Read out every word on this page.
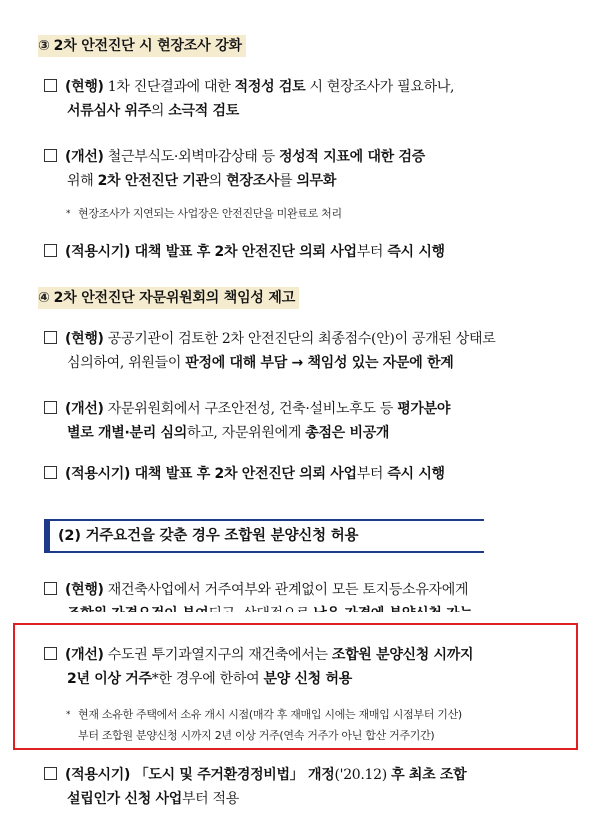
③ 2차 안전진단 시 현장조사 강화
(현행) 1차 진단결과에 대한 적정성 검토 시 현장조사가 필요하나,
서류심사 위주의 소극적 검토
(개선) 철근부식도·외벽마감상태 등 정성적 지표에 대한 검증
위해 2차 안전진단 기관의 현장조사를 의무화
* 현장조사가 지연되는 사업장은 안전진단을 미완료로 처리
(적용시기) 대책 발표 후 2차 안전진단 의뢰 사업부터 즉시 시행
④ 2차 안전진단 자문위원회의 책임성 제고
(현행) 공공기관이 검토한 2차 안전진단의 최종점수(안)이 공개된 상태로
심의하여, 위원들이 판정에 대해 부담 → 책임성 있는 자문에 한계
(개선) 자문위원회에서 구조안전성, 건축·설비노후도 등 평가분야
별로 개별·분리 심의하고, 자문위원에게 총점은 비공개
(적용시기) 대책 발표 후 2차 안전진단 의뢰 사업부터 즉시 시행
(2) 거주요건을 갖춘 경우 조합원 분양신청 허용
(현행) 재건축사업에서 거주여부와 관계없이 모든 토지등소유자에게
(개선) 수도권 투기과열지구의 재건축에서는 조합원 분양신청 시까지
2년 이상 거주*한 경우에 한하여 분양 신청 허용
* 현재 소유한 주택에서 소유 개시 시점(매각 후 재매입 시에는 재매입 시점부터 기산)
부터 조합원 분양신청 시까지 2년 이상 거주(연속 거주가 아닌 합산 거주기간)
(적용시기) 「도시 및 주거환경정비법」 개정('20.12) 후 최초 조합
설립인가 신청 사업부터 적용
